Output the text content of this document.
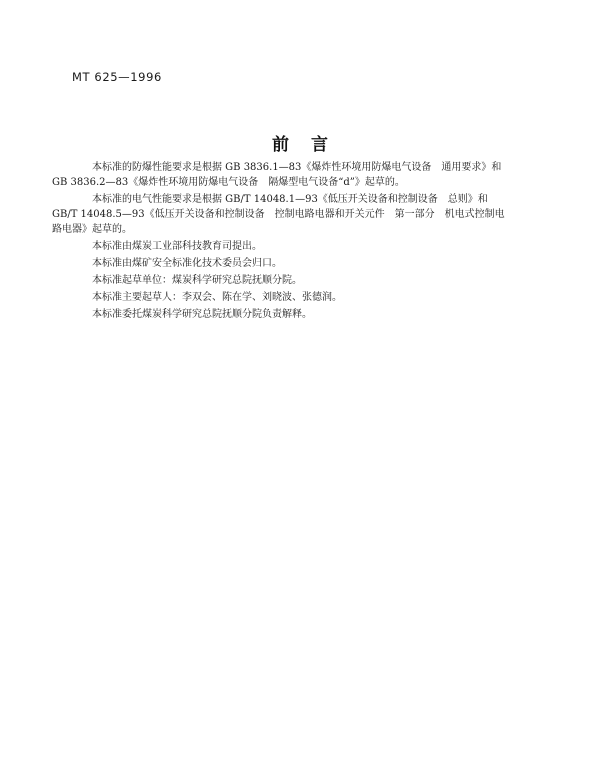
MT 625—1996
前言

本标准的防爆性能要求是根据 GB 3836.1—83《爆炸性环境用防爆电气设备　通用要求》和
GB 3836.2—83《爆炸性环境用防爆电气设备　隔爆型电气设备“d”》起草的。

本标准的电气性能要求是根据 GB/T 14048.1—93《低压开关设备和控制设备　总则》和
GB/T 14048.5—93《低压开关设备和控制设备　控制电路电器和开关元件　第一部分　机电式控制电
路电器》起草的。

本标准由煤炭工业部科技教育司提出。

本标准由煤矿安全标准化技术委员会归口。

本标准起草单位：煤炭科学研究总院抚顺分院。

本标准主要起草人：李双会、陈在学、刘晓波、张德润。

本标准委托煤炭科学研究总院抚顺分院负责解释。
